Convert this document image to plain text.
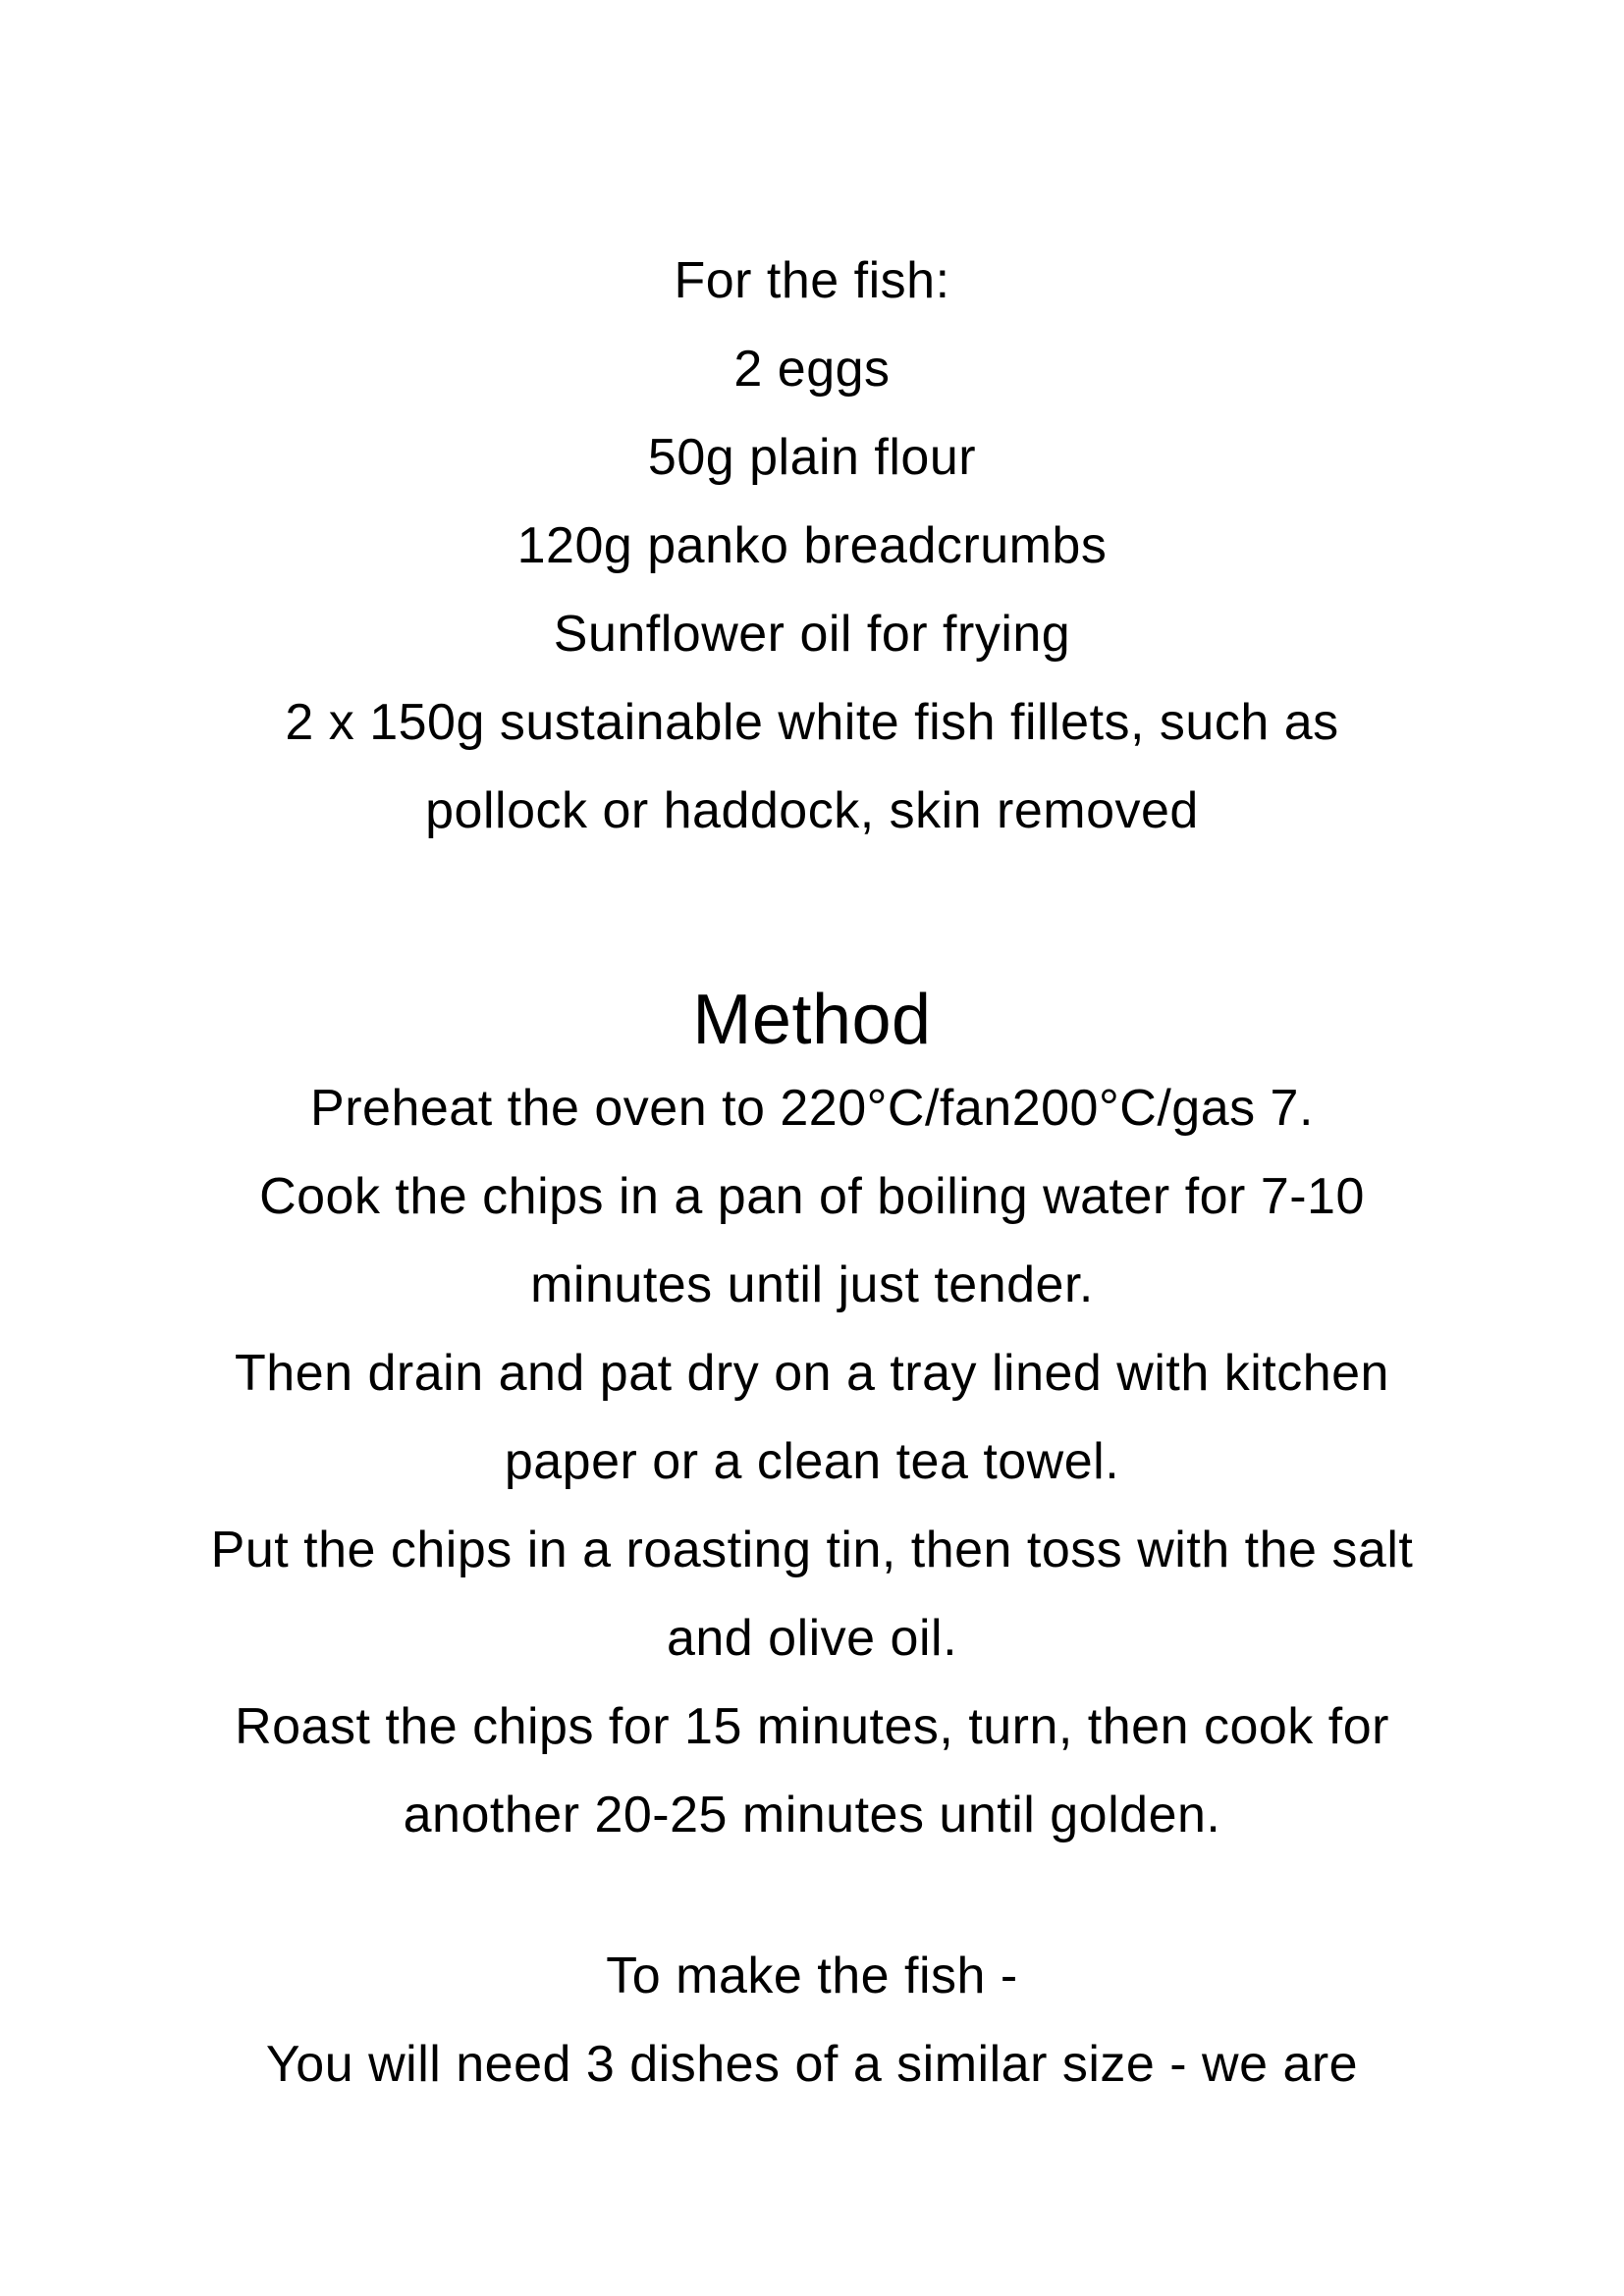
For the fish:

2 eggs

50g plain flour

120g panko breadcrumbs

Sunflower oil for frying

2 x 150g sustainable white fish fillets, such as

pollock or haddock, skin removed

Method

Preheat the oven to 220°C/fan200°C/gas 7.

Cook the chips in a pan of boiling water for 7-10

minutes until just tender.

Then drain and pat dry on a tray lined with kitchen

paper or a clean tea towel.

Put the chips in a roasting tin, then toss with the salt

and olive oil.

Roast the chips for 15 minutes, turn, then cook for

another 20-25 minutes until golden.

To make the fish -

You will need 3 dishes of a similar size - we are
